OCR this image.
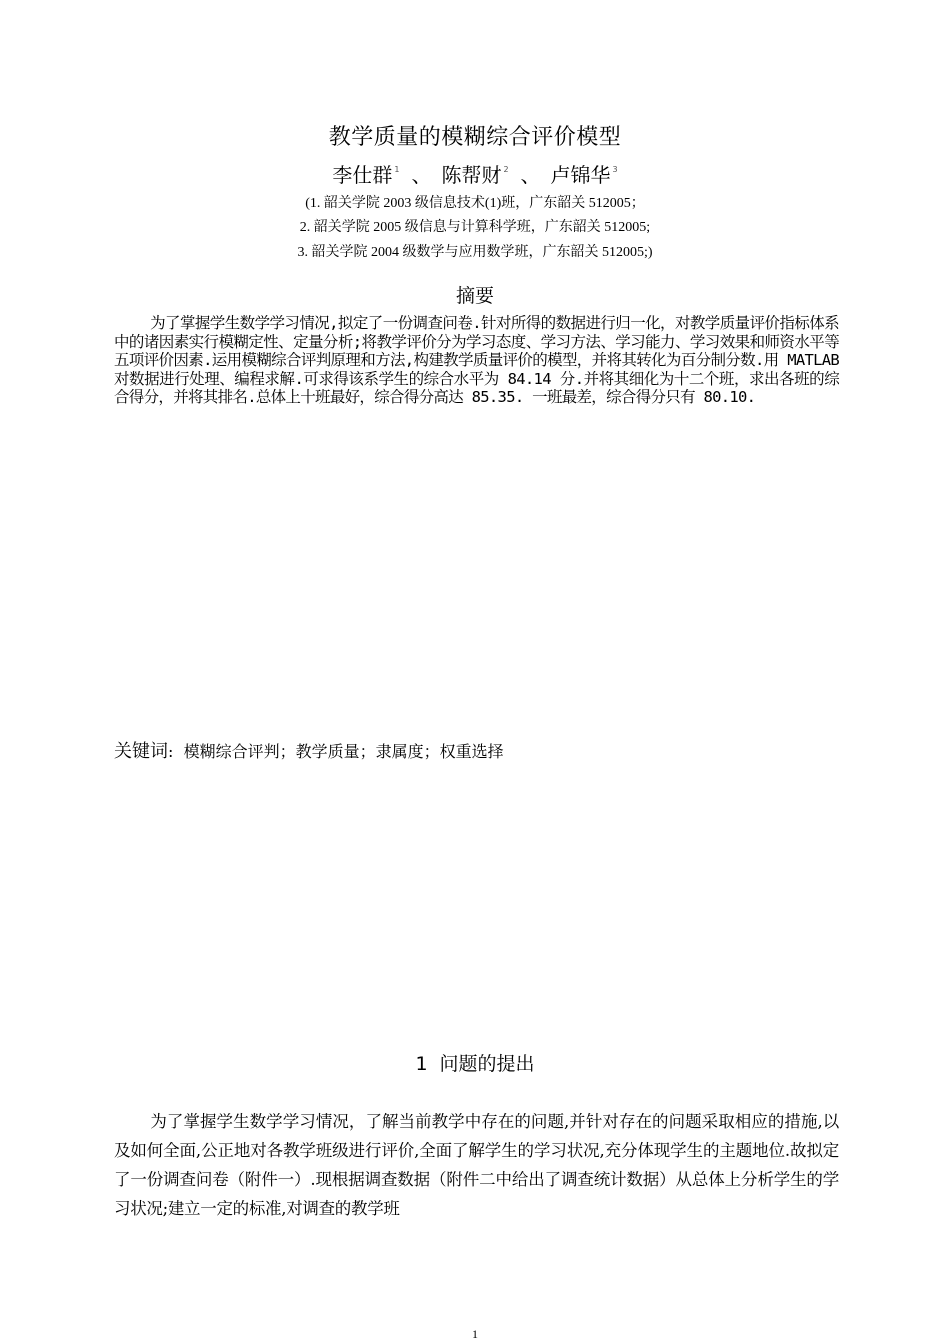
教学质量的模糊综合评价模型
李仕群 $^1$ 、 陈帮财 $^2$ 、 卢锦华 $^3$
(1. 韶关学院 2003 级信息技术(1)班，广东韶关 512005；
2. 韶关学院 2005 级信息与计算科学班，广东韶关 512005;
3. 韶关学院 2004 级数学与应用数学班，广东韶关 512005;)
摘要
为了掌握学生数学学习情况,拟定了一份调查问卷.针对所得的数据进行归一化，对教学质量评价指标体系中的诸因素实行模糊定性、定量分析;将教学评价分为学习态度、学习方法、学习能力、学习效果和师资水平等五项评价因素.运用模糊综合评判原理和方法,构建教学质量评价的模型，并将其转化为百分制分数.用 MATLAB 对数据进行处理、编程求解.可求得该系学生的综合水平为 84.14 分.并将其细化为十二个班，求出各班的综合得分，并将其排名.总体上十班最好，综合得分高达 85.35. 一班最差，综合得分只有 80.10.
关键词:  模糊综合评判；教学质量；隶属度；权重选择
1 问题的提出
为了掌握学生数学学习情况，了解当前教学中存在的问题,并针对存在的问题采取相应的措施,以及如何全面,公正地对各教学班级进行评价,全面了解学生的学习状况,充分体现学生的主题地位.故拟定了一份调查问卷（附件一）.现根据调查数据（附件二中给出了调查统计数据）从总体上分析学生的学习状况;建立一定的标准,对调查的教学班
1
